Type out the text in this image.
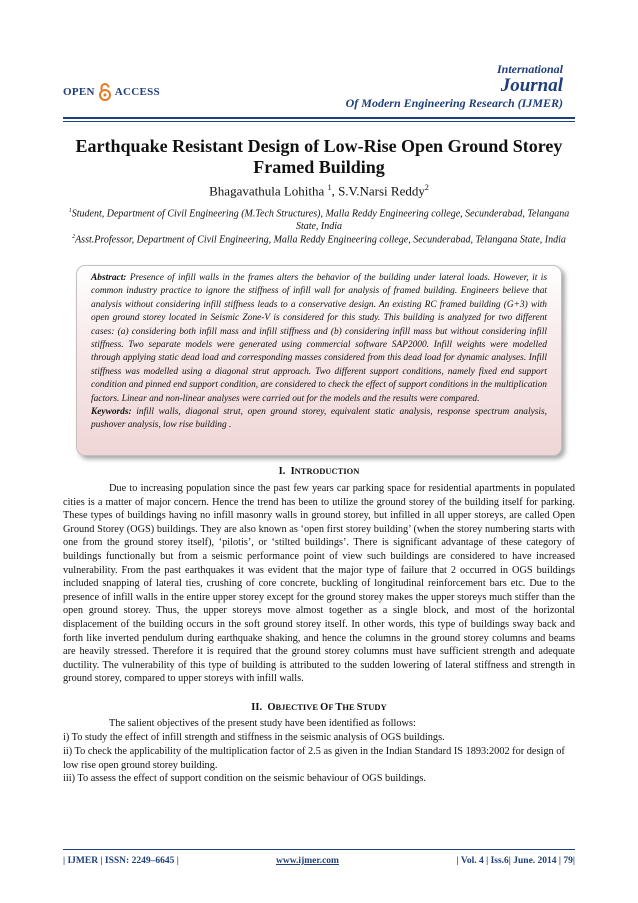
OPEN ACCESS
International
Journal
Of Modern Engineering Research (IJMER)
Earthquake Resistant Design of Low-Rise Open Ground Storey Framed Building
Bhagavathula Lohitha $^1$, S.V.Narsi Reddy$^2$
$^1$Student, Department of Civil Engineering (M.Tech Structures), Malla Reddy Engineering college, Secunderabad, Telangana State, India
$^2$Asst.Professor, Department of Civil Engineering, Malla Reddy Engineering college, Secunderabad, Telangana State, India
Abstract: Presence of infill walls in the frames alters the behavior of the building under lateral loads. However, it is common industry practice to ignore the stiffness of infill wall for analysis of framed building. Engineers believe that analysis without considering infill stiffness leads to a conservative design. An existing RC framed building (G+3) with open ground storey located in Seismic Zone-V is considered for this study. This building is analyzed for two different cases: (a) considering both infill mass and infill stiffness and (b) considering infill mass but without considering infill stiffness. Two separate models were generated using commercial software SAP2000. Infill weights were modelled through applying static dead load and corresponding masses considered from this dead load for dynamic analyses. Infill stiffness was modelled using a diagonal strut approach. Two different support conditions, namely fixed end support condition and pinned end support condition, are considered to check the effect of support conditions in the multiplication factors. Linear and non-linear analyses were carried out for the models and the results were compared.
Keywords: infill walls, diagonal strut, open ground storey, equivalent static analysis, response spectrum analysis, pushover analysis, low rise building .
I. INTRODUCTION
Due to increasing population since the past few years car parking space for residential apartments in populated cities is a matter of major concern. Hence the trend has been to utilize the ground storey of the building itself for parking. These types of buildings having no infill masonry walls in ground storey, but infilled in all upper storeys, are called Open Ground Storey (OGS) buildings. They are also known as ‘open first storey building’ (when the storey numbering starts with one from the ground storey itself), ‘pilotis’, or ‘stilted buildings’. There is significant advantage of these category of buildings functionally but from a seismic performance point of view such buildings are considered to have increased vulnerability. From the past earthquakes it was evident that the major type of failure that 2 occurred in OGS buildings included snapping of lateral ties, crushing of core concrete, buckling of longitudinal reinforcement bars etc. Due to the presence of infill walls in the entire upper storey except for the ground storey makes the upper storeys much stiffer than the open ground storey. Thus, the upper storeys move almost together as a single block, and most of the horizontal displacement of the building occurs in the soft ground storey itself. In other words, this type of buildings sway back and forth like inverted pendulum during earthquake shaking, and hence the columns in the ground storey columns and beams are heavily stressed. Therefore it is required that the ground storey columns must have sufficient strength and adequate ductility. The vulnerability of this type of building is attributed to the sudden lowering of lateral stiffness and strength in ground storey, compared to upper storeys with infill walls.
II. OBJECTIVE OF THE STUDY
The salient objectives of the present study have been identified as follows:
i) To study the effect of infill strength and stiffness in the seismic analysis of OGS buildings.
ii) To check the applicability of the multiplication factor of 2.5 as given in the Indian Standard IS 1893:2002 for design of low rise open ground storey building.
iii) To assess the effect of support condition on the seismic behaviour of OGS buildings.
| IJMER | ISSN: 2249–6645 |	www.ijmer.com	| Vol. 4 | Iss.6| June. 2014 | 79|
